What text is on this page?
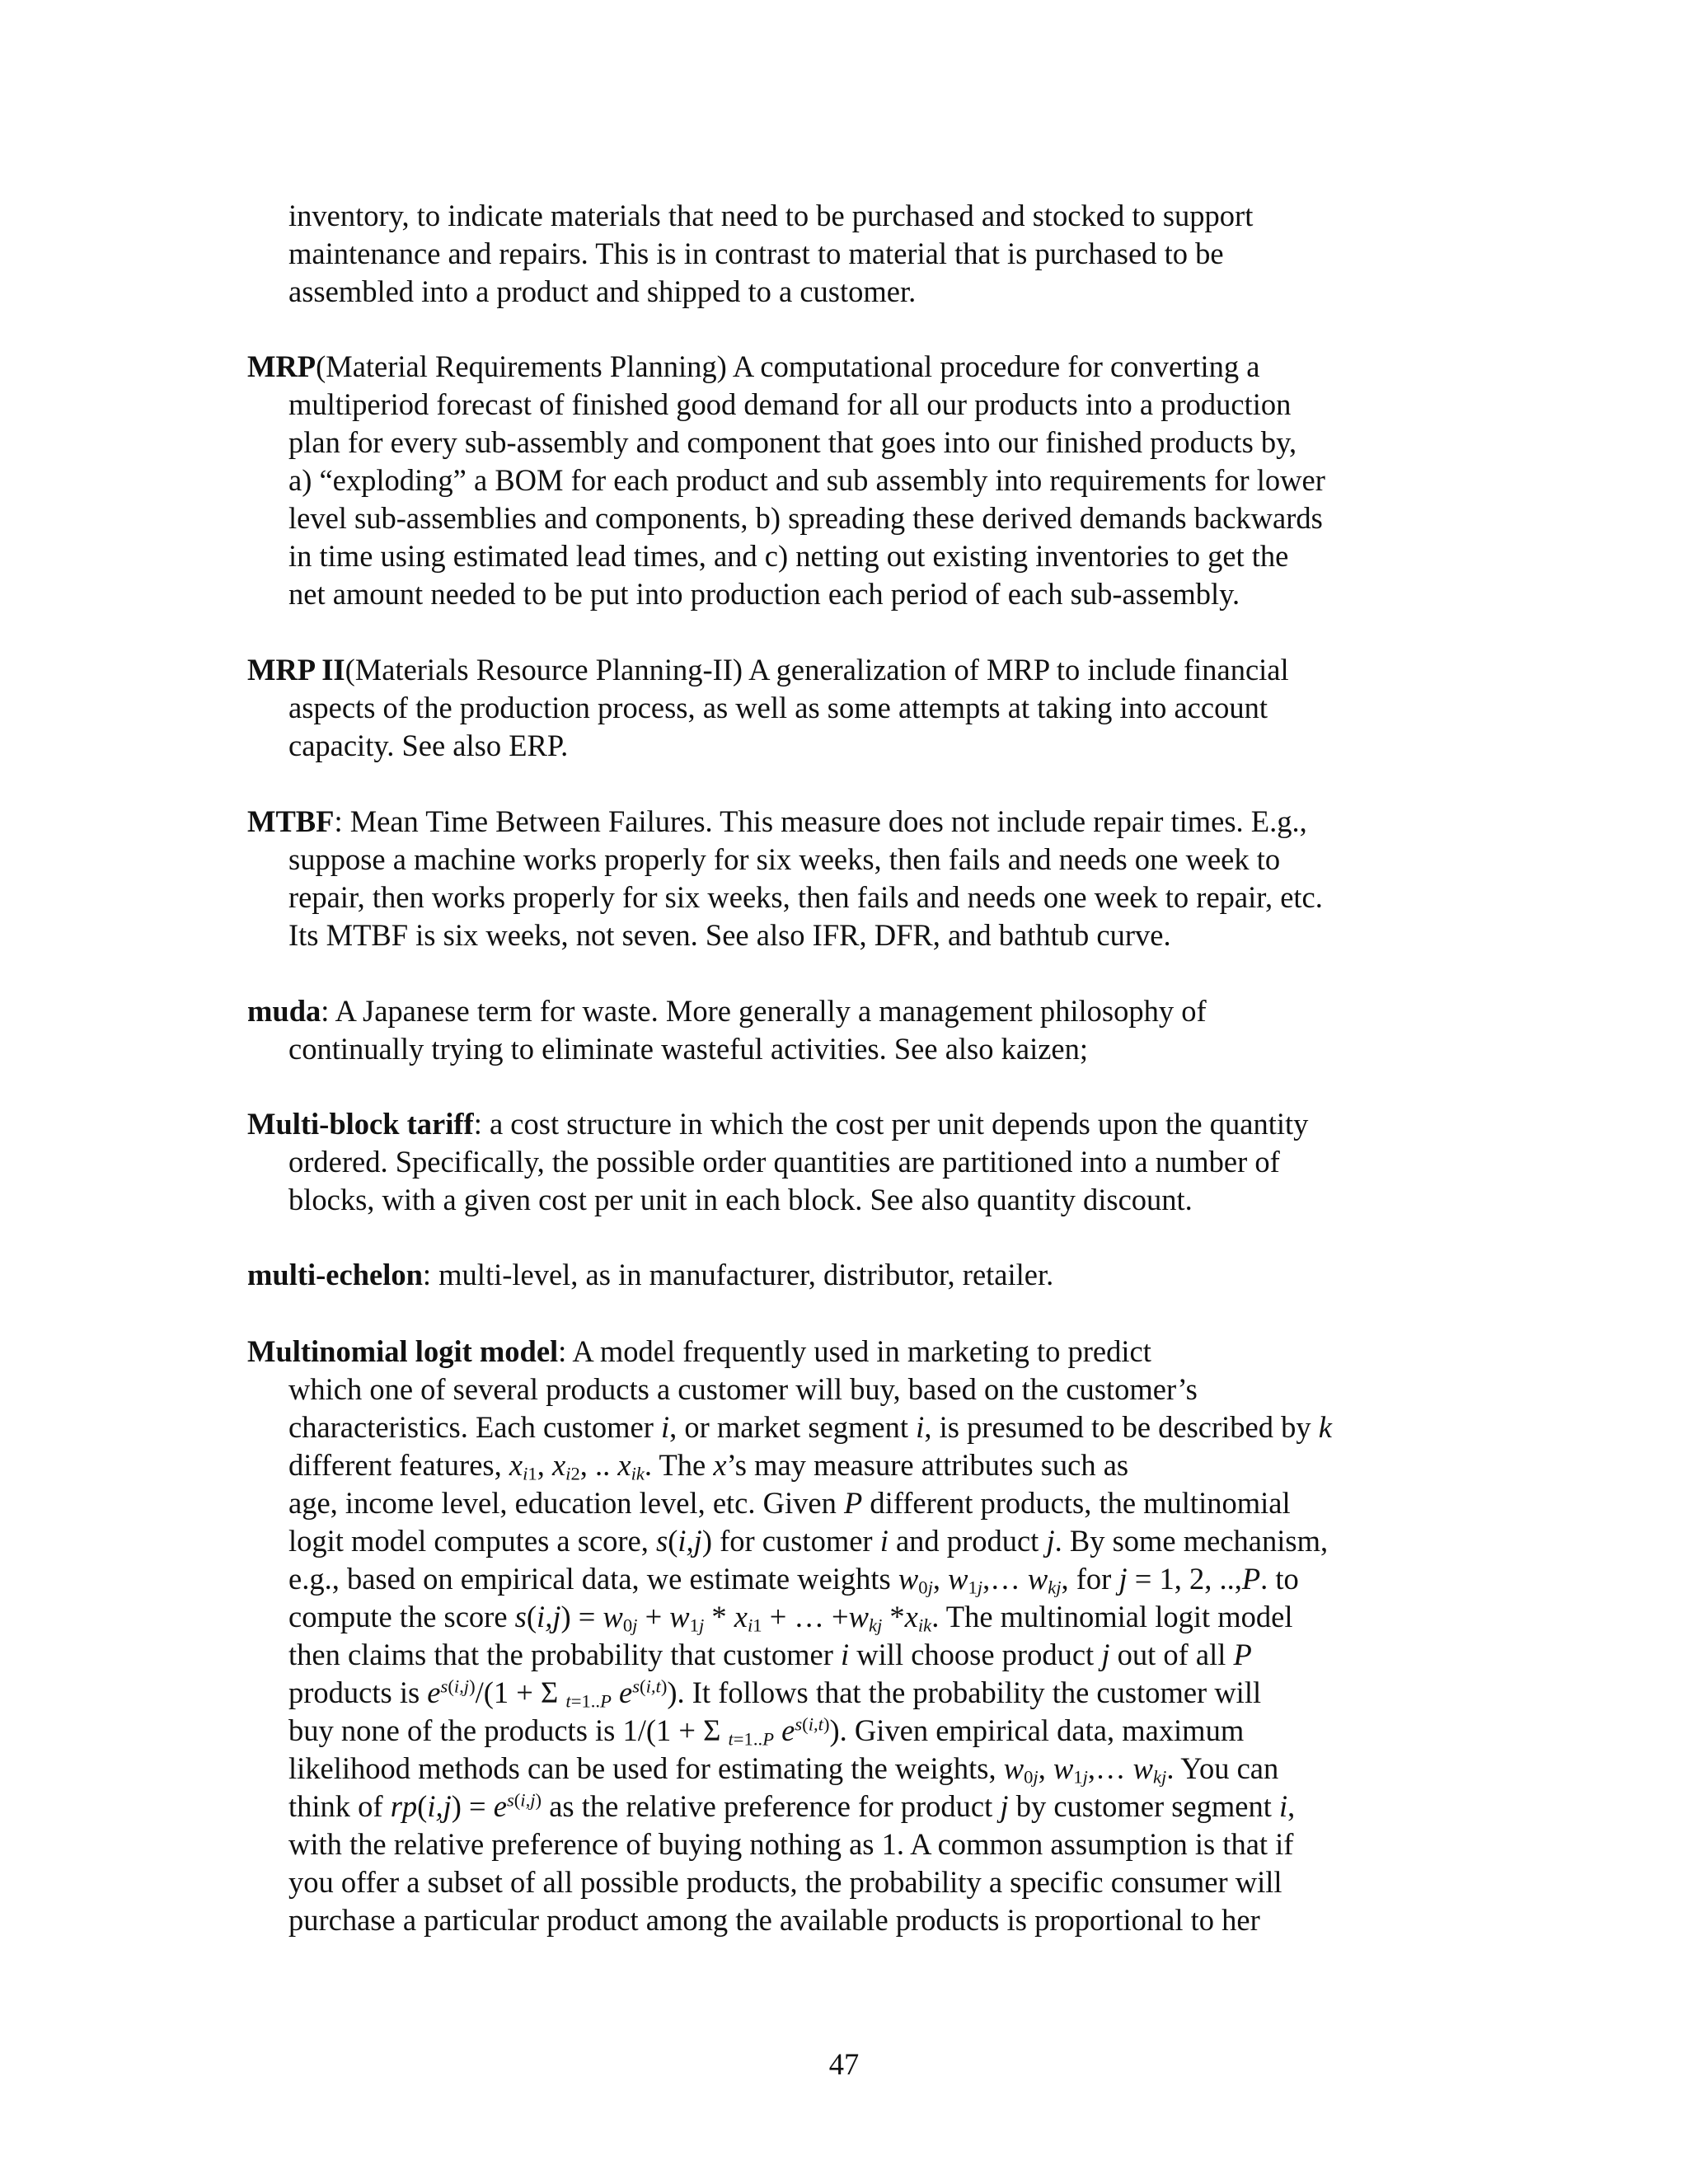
inventory, to indicate materials that need to be purchased and stocked to support
maintenance and repairs. This is in contrast to material that is purchased to be
assembled into a product and shipped to a customer.
MRP(Material Requirements Planning) A computational procedure for converting a
multiperiod forecast of finished good demand for all our products into a production
plan for every sub-assembly and component that goes into our finished products by,
a) “exploding” a BOM for each product and sub assembly into requirements for lower
level sub-assemblies and components, b) spreading these derived demands backwards
in time using estimated lead times, and c) netting out existing inventories to get the
net amount needed to be put into production each period of each sub-assembly.
MRP II(Materials Resource Planning-II) A generalization of MRP to include financial
aspects of the production process, as well as some attempts at taking into account
capacity. See also ERP.
MTBF: Mean Time Between Failures. This measure does not include repair times. E.g.,
suppose a machine works properly for six weeks, then fails and needs one week to
repair, then works properly for six weeks, then fails and needs one week to repair, etc.
Its MTBF is six weeks, not seven. See also IFR, DFR, and bathtub curve.
muda: A Japanese term for waste. More generally a management philosophy of
continually trying to eliminate wasteful activities. See also kaizen;
Multi-block tariff: a cost structure in which the cost per unit depends upon the quantity
ordered. Specifically, the possible order quantities are partitioned into a number of
blocks, with a given cost per unit in each block. See also quantity discount.
multi-echelon: multi-level, as in manufacturer, distributor, retailer.
Multinomial logit model: A model frequently used in marketing to predict
which one of several products a customer will buy, based on the customer’s
characteristics. Each customer i, or market segment i, is presumed to be described by k
different features, $x_{i1}$, $x_{i2}$, .. $x_{ik}$. The x’s may measure attributes such as
age, income level, education level, etc. Given P different products, the multinomial
logit model computes a score, s(i,j) for customer i and product j. By some mechanism,
e.g., based on empirical data, we estimate weights $w_{0j}$, $w_{1j},\dots$ $w_{kj}$, for j = 1, 2, ..,P. to
compute the score $s(i,j) = w_{0j} + w_{1j} * x_{i1}$ + … $+w_{kj}$ $*x_{ik}$. The multinomial logit model
then claims that the probability that customer i will choose product j out of all P
products is $e^{s(i,j)}/(1 + \Sigma$ $_{t=1..P}$ $e^{s(i,t)}$). It follows that the probability the customer will
buy none of the products is 1/(1 + Σ $_{t=1..P}$ $e^{s(i,t)}$). Given empirical data, maximum
likelihood methods can be used for estimating the weights, $w_{0j}$, $w_{1j},\dots$ $w_{kj}$. You can
think of $rp(i,j) = e^{s(i,j)}$ as the relative preference for product j by customer segment i,
with the relative preference of buying nothing as 1. A common assumption is that if
you offer a subset of all possible products, the probability a specific consumer will
purchase a particular product among the available products is proportional to her
47
